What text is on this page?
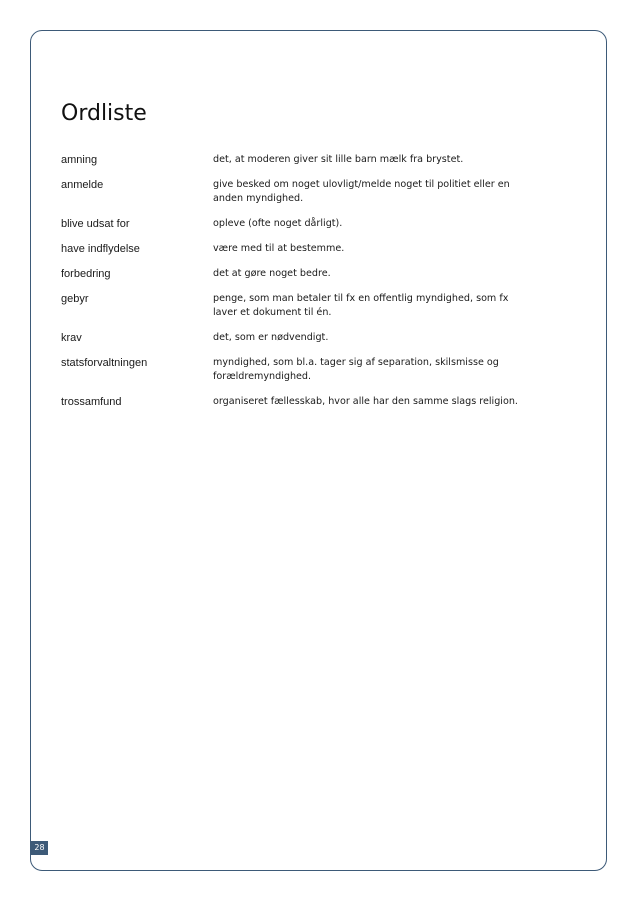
Ordliste
amning	det, at moderen giver sit lille barn mælk fra brystet.
anmelde	give besked om noget ulovligt/melde noget til politiet eller en
anden myndighed.
blive udsat for	opleve (ofte noget dårligt).
have indflydelse	være med til at bestemme.
forbedring	det at gøre noget bedre.
gebyr	penge, som man betaler til fx en offentlig myndighed, som fx
laver et dokument til én.
krav	det, som er nødvendigt.
statsforvaltningen	myndighed, som bl.a. tager sig af separation, skilsmisse og
forældremyndighed.
trossamfund	organiseret fællesskab, hvor alle har den samme slags religion.
28
